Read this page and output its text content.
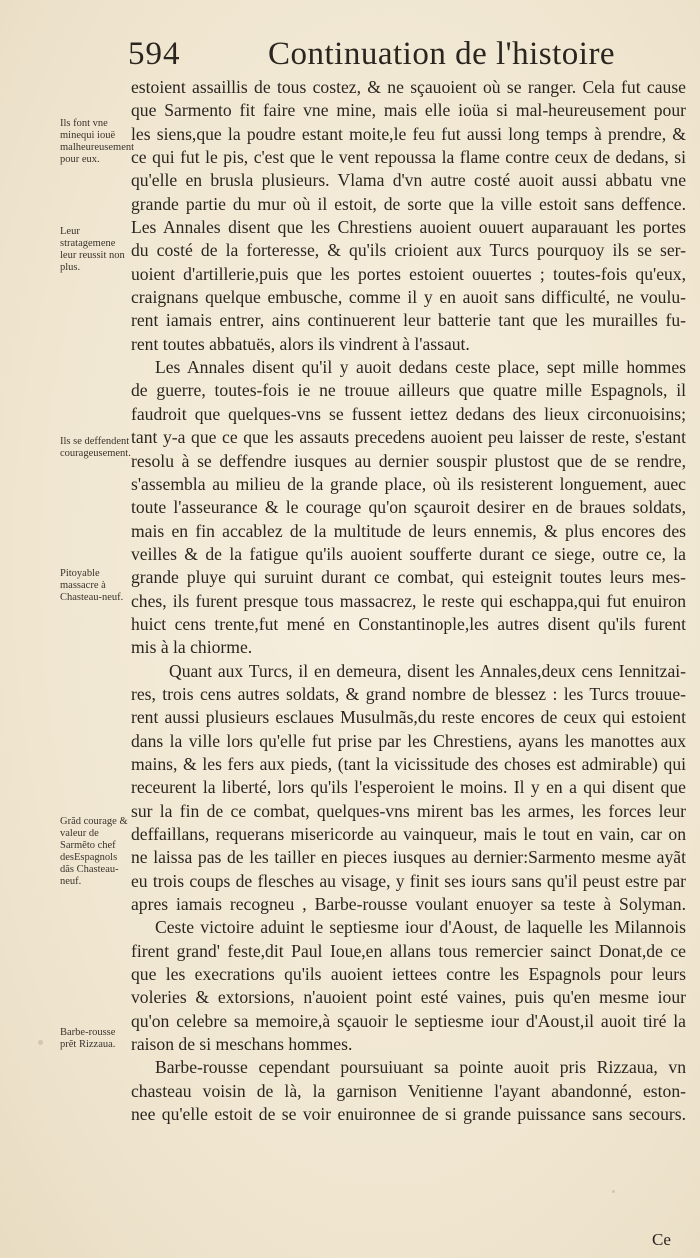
594	Continuation de l'histoire
Ils font vne minequi iouë malheureusement pour eux.
Leur stratagemene leur reussit non plus.
Ils se deffendent courageusement.
Pitoyable massacre à Chasteau-neuf.
Grãd courage & valeur de Sarmẽto chef desEspagnols dãs Chasteau-neuf.
Barbe-rousse prẽt Rizzaua.
estoient assaillis de tous costez, & ne sçauoient où se ranger. Cela fut cause
que Sarmento fit faire vne mine, mais elle ioüa si mal-heureusement pour
les siens,que la poudre estant moite,le feu fut aussi long temps à prendre, &
ce qui fut le pis, c'est que le vent repoussa la flame contre ceux de dedans, si
qu'elle en brusla plusieurs. Vlama d'vn autre costé auoit aussi abbatu vne
grande partie du mur où il estoit, de sorte que la ville estoit sans deffence.
Les Annales disent que les Chrestiens auoient ouuert auparauant les portes
du costé de la forteresse, & qu'ils crioient aux Turcs pourquoy ils se ser-
uoient d'artillerie,puis que les portes estoient ouuertes ; toutes-fois qu'eux,
craignans quelque embusche, comme il y en auoit sans difficulté, ne voulu-
rent iamais entrer, ains continuerent leur batterie tant que les murailles fu-
rent toutes abbatuës, alors ils vindrent à l'assaut.
Les Annales disent qu'il y auoit dedans ceste place, sept mille hommes
de guerre, toutes-fois ie ne trouue ailleurs que quatre mille Espagnols, il
faudroit que quelques-vns se fussent iettez dedans des lieux circonuoisins;
tant y-a que ce que les assauts precedens auoient peu laisser de reste, s'estant
resolu à se deffendre iusques au dernier souspir plustost que de se rendre,
s'assembla au milieu de la grande place, où ils resisterent longuement, auec
toute l'asseurance & le courage qu'on sçauroit desirer en de braues soldats,
mais en fin accablez de la multitude de leurs ennemis, & plus encores des
veilles & de la fatigue qu'ils auoient soufferte durant ce siege, outre ce, la
grande pluye qui suruint durant ce combat, qui esteignit toutes leurs mes-
ches, ils furent presque tous massacrez, le reste qui eschappa,qui fut enuiron
huict cens trente,fut mené en Constantinople,les autres disent qu'ils furent
mis à la chiorme.
Quant aux Turcs, il en demeura, disent les Annales,deux cens Iennitzai-
res, trois cens autres soldats, & grand nombre de blessez : les Turcs trouue-
rent aussi plusieurs esclaues Musulmãs,du reste encores de ceux qui estoient
dans la ville lors qu'elle fut prise par les Chrestiens, ayans les manottes aux
mains, & les fers aux pieds, (tant la vicissitude des choses est admirable) qui
receurent la liberté, lors qu'ils l'esperoient le moins. Il y en a qui disent que
sur la fin de ce combat, quelques-vns mirent bas les armes, les forces leur
deffaillans, requerans misericorde au vainqueur, mais le tout en vain, car on
ne laissa pas de les tailler en pieces iusques au dernier:Sarmento mesme ayãt
eu trois coups de flesches au visage, y finit ses iours sans qu'il peust estre par
apres iamais recogneu , Barbe-rousse voulant enuoyer sa teste à Solyman.
Ceste victoire aduint le septiesme iour d'Aoust, de laquelle les Milannois
firent grand' feste,dit Paul Ioue,en allans tous remercier sainct Donat,de ce
que les execrations qu'ils auoient iettees contre les Espagnols pour leurs
voleries & extorsions, n'auoient point esté vaines, puis qu'en mesme iour
qu'on celebre sa memoire,à sçauoir le septiesme iour d'Aoust,il auoit tiré la
raison de si meschans hommes.
Barbe-rousse cependant poursuiuant sa pointe auoit pris Rizzaua, vn
chasteau voisin de là, la garnison Venitienne l'ayant abandonné, eston-
nee qu'elle estoit de se voir enuironnee de si grande puissance sans secours.
Ce
